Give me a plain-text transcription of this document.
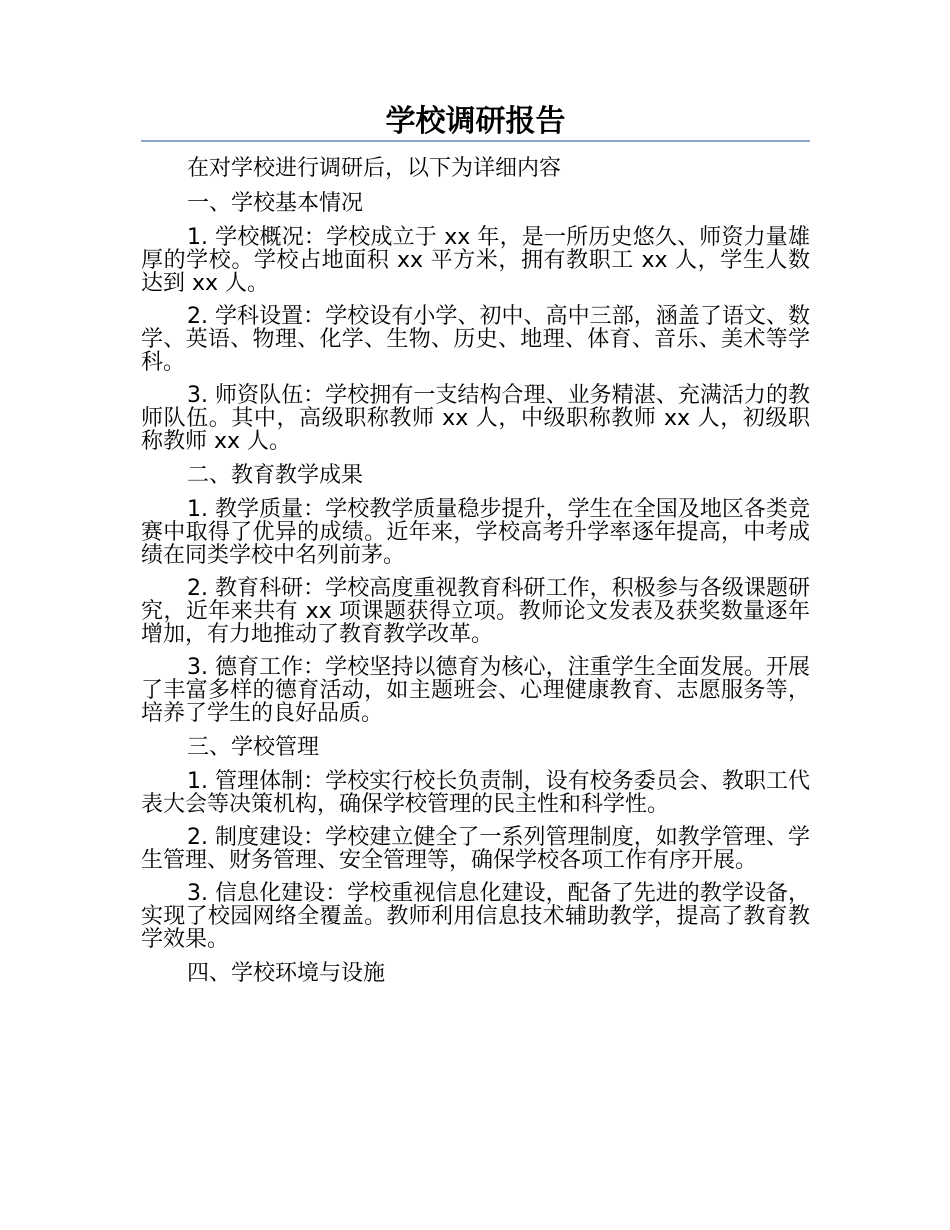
学校调研报告

在对学校进行调研后，以下为详细内容

一、学校基本情况

1. 学校概况：学校成立于 xx 年，是一所历史悠久、师资力量雄厚的学校。学校占地面积 xx 平方米，拥有教职工 xx 人，学生人数达到 xx 人。

2. 学科设置：学校设有小学、初中、高中三部，涵盖了语文、数学、英语、物理、化学、生物、历史、地理、体育、音乐、美术等学科。

3. 师资队伍：学校拥有一支结构合理、业务精湛、充满活力的教师队伍。其中，高级职称教师 xx 人，中级职称教师 xx 人，初级职称教师 xx 人。

二、教育教学成果

1. 教学质量：学校教学质量稳步提升，学生在全国及地区各类竞赛中取得了优异的成绩。近年来，学校高考升学率逐年提高，中考成绩在同类学校中名列前茅。

2. 教育科研：学校高度重视教育科研工作，积极参与各级课题研究，近年来共有 xx 项课题获得立项。教师论文发表及获奖数量逐年增加，有力地推动了教育教学改革。

3. 德育工作：学校坚持以德育为核心，注重学生全面发展。开展了丰富多样的德育活动，如主题班会、心理健康教育、志愿服务等，培养了学生的良好品质。

三、学校管理

1. 管理体制：学校实行校长负责制，设有校务委员会、教职工代表大会等决策机构，确保学校管理的民主性和科学性。

2. 制度建设：学校建立健全了一系列管理制度，如教学管理、学生管理、财务管理、安全管理等，确保学校各项工作有序开展。

3. 信息化建设：学校重视信息化建设，配备了先进的教学设备，实现了校园网络全覆盖。教师利用信息技术辅助教学，提高了教育教学效果。

四、学校环境与设施
